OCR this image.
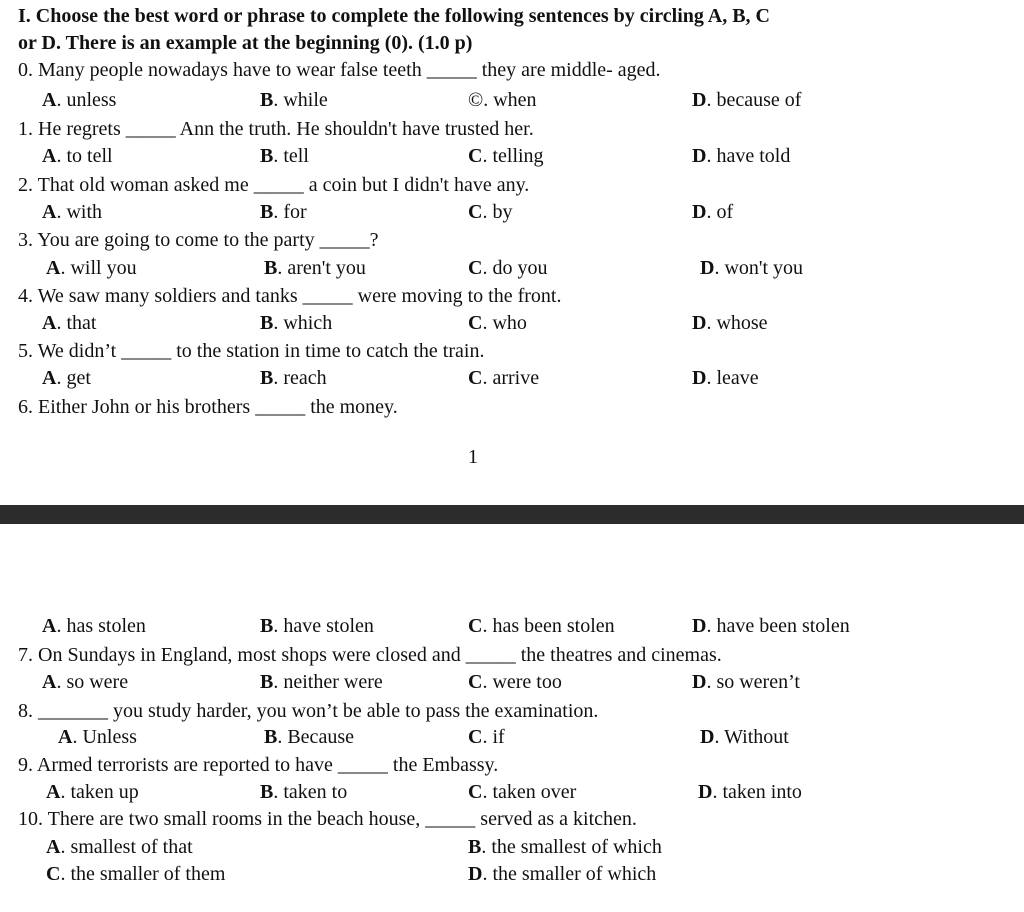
I. Choose the best word or phrase to complete the following sentences by circling A, B, C
or D. There is an example at the beginning (0). (1.0 p)
0. Many people nowadays have to wear false teeth _____ they are middle- aged.
A. unless	B. while	©. when	D. because of
1. He regrets _____ Ann the truth. He shouldn't have trusted her.
A. to tell	B. tell	C. telling	D. have told
2. That old woman asked me _____ a coin but I didn't have any.
A. with	B. for	C. by	D. of
3. You are going to come to the party _____?
A. will you	B. aren't you	C. do you	D. won't you
4. We saw many soldiers and tanks _____ were moving to the front.
A. that	B. which	C. who	D. whose
5. We didn’t _____ to the station in time to catch the train.
A. get	B. reach	C. arrive	D. leave
6. Either John or his brothers _____ the money.
1
A. has stolen	B. have stolen	C. has been stolen	D. have been stolen
7. On Sundays in England, most shops were closed and _____ the theatres and cinemas.
A. so were	B. neither were	C. were too	D. so weren’t
8. _______ you study harder, you won’t be able to pass the examination.
A. Unless	B. Because	C. if	D. Without
9. Armed terrorists are reported to have _____ the Embassy.
A. taken up	B. taken to	C. taken over	D. taken into
10. There are two small rooms in the beach house, _____ served as a kitchen.
A. smallest of that	B. the smallest of which
C. the smaller of them	D. the smaller of which
